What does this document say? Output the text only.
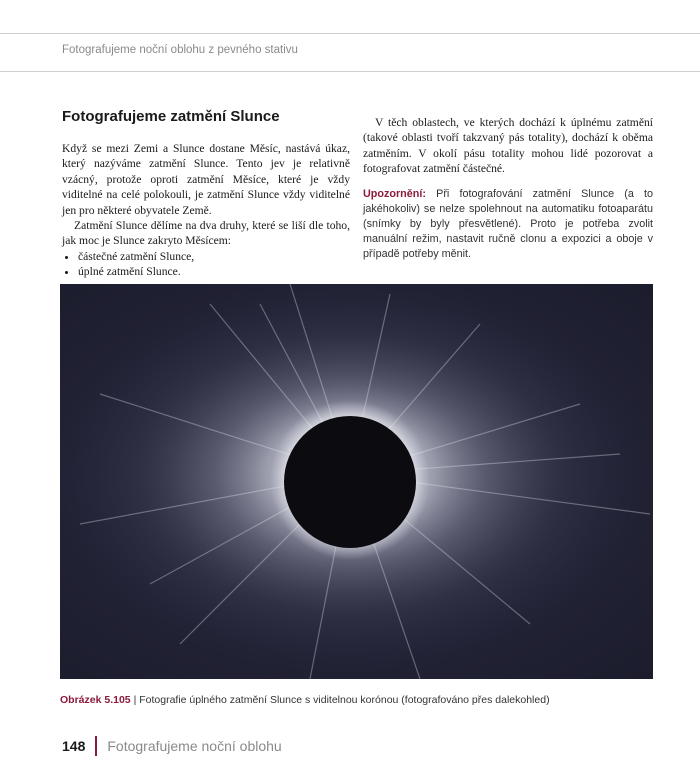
Fotografujeme noční oblohu z pevného stativu
Fotografujeme zatmění Slunce

Když se mezi Zemi a Slunce dostane Měsíc, nastává úkaz, který nazýváme zatmění Slunce. Tento jev je relativně vzácný, protože oproti zatmění Měsíce, které je vždy viditelné na celé polokouli, je zatmění Slunce vždy viditelné jen pro některé obyvatele Země.

Zatmění Slunce dělíme na dva druhy, které se liší dle toho, jak moc je Slunce zakryto Měsícem:

• částečné zatmění Slunce,
• úplné zatmění Slunce.

V těch oblastech, ve kterých dochází k úplnému zatmění (takové oblasti tvoří takzvaný pás totality), dochází k oběma zatměním. V okolí pásu totality mohou lidé pozorovat a fotografovat zatmění částečné.

Upozornění: Při fotografování zatmění Slunce (a to jakéhokoliv) se nelze spolehnout na automatiku fotoaparátu (snímky by byly přesvětlené). Proto je potřeba zvolit manuální režim, nastavit ručně clonu a expozici a oboje v případě potřeby měnit.
Obrázek 5.105 | Fotografie úplného zatmění Slunce s viditelnou korónou (fotografováno přes dalekohled)
148 Fotografujeme noční oblohu
